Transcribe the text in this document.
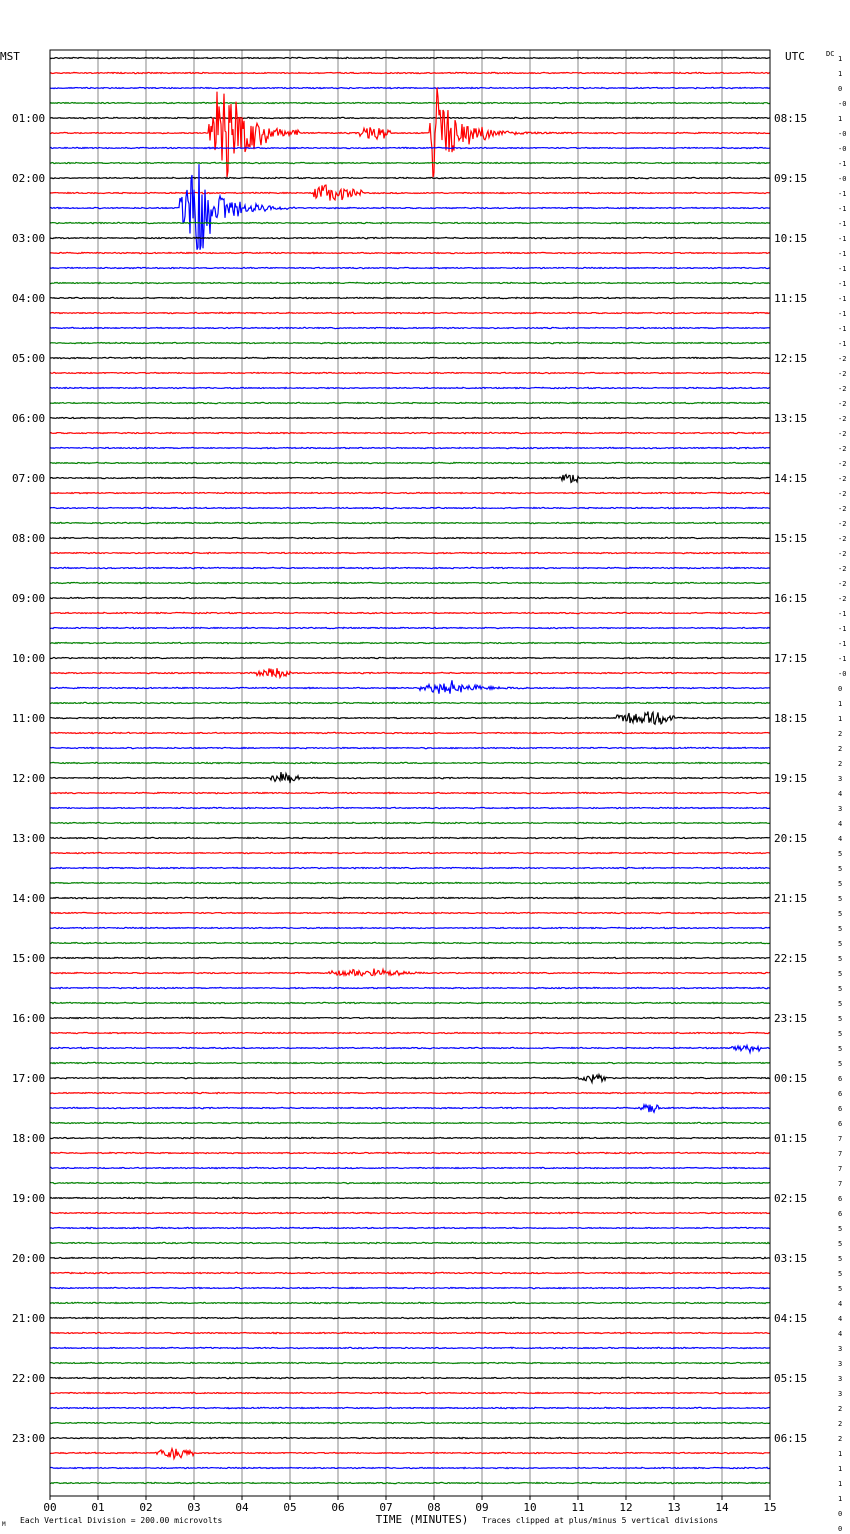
MST	UTC	DC
01:00
02:00
03:00
04:00
05:00
06:00
07:00
08:00
09:00
10:00
11:00
12:00
13:00
14:00
15:00
16:00
17:00
18:00
19:00
20:00
21:00
22:00
23:00
08:15
09:15
10:15
11:15
12:15
13:15
14:15
15:15
16:15
17:15
18:15
19:15
20:15
21:15
22:15
23:15
00:15
01:15
02:15
03:15
04:15
05:15
06:15
1
1
0
-0
1
-0
-0
-1
-0
-1
-1
-1
-1
-1
-1
-1
-1
-1
-1
-1
-2
-2
-2
-2
-2
-2
-2
-2
-2
-2
-2
-2
-2
-2
-2
-2
-2
-1
-1
-1
-1
-0
0
1
1
2
2
2
3
4
3
4
4
5
5
5
5
5
5
5
5
5
5
5
5
5
5
5
6
6
6
6
7
7
7
7
6
6
5
5
5
5
5
4
4
4
3
3
3
3
2
2
2
1
1
1
1
0
0
00	01	02	03	04	05	06	07	08	09	10	11	12	13	14	15
TIME (MINUTES)
Each Vertical Division = 200.00 microvolts	Traces clipped at plus/minus 5 vertical divisions
M
